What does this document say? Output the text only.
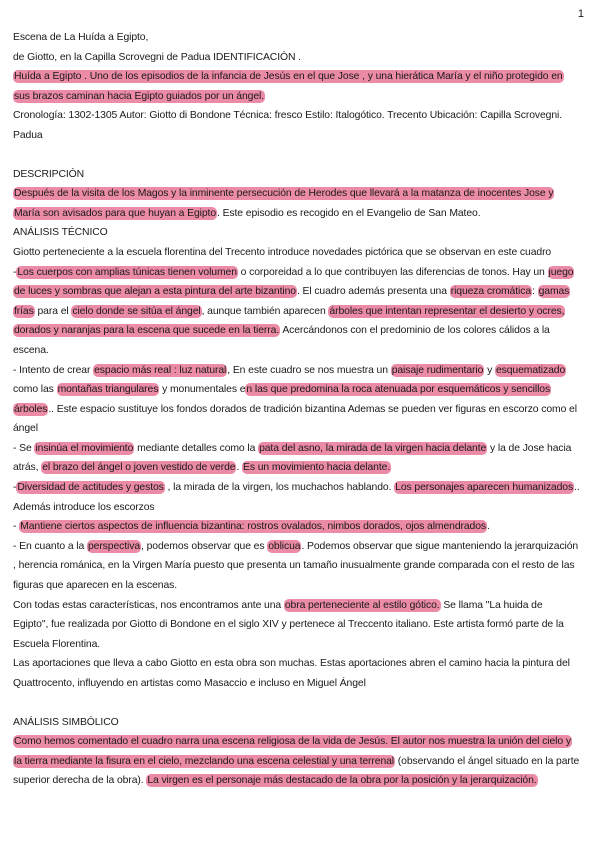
1

Escena de La Huída a Egipto,

de Giotto, en la Capilla Scrovegni de Padua IDENTIFICACIÓN .

Huída a Egipto . Uno de los episodios de la infancia de Jesús en el que Jose , y una hierática María y el niño protegido en sus brazos caminan hacia Egipto guiados por un ángel.

Cronología: 1302-1305 Autor: Giotto di Bondone Técnica: fresco Estilo: Italogótico. Trecento Ubicación: Capilla Scrovegni. Padua

DESCRIPCIÓN

Después de la visita de los Magos y la inminente persecución de Herodes que llevará a la matanza de inocentes Jose y María son avisados para que huyan a Egipto. Este episodio es recogido en el Evangelio de San Mateo.

ANÁLISIS TÉCNICO

Giotto perteneciente a la escuela florentina del Trecento introduce novedades pictórica que se observan en este cuadro

-Los cuerpos con amplias túnicas tienen volumen o corporeidad a lo que contribuyen las diferencias de tonos. Hay un juego de luces y sombras que alejan a esta pintura del arte bizantino. El cuadro además presenta una riqueza cromática: gamas frías para el cielo donde se sitúa el ángel, aunque también aparecen árboles que intentan representar el desierto y ocres, dorados y naranjas para la escena que sucede en la tierra. Acercándonos con el predominio de los colores cálidos a la escena.

- Intento de crear espacio más real : luz natural, En este cuadro se nos muestra un paisaje rudimentario y esquematizado como las montañas triangulares y monumentales en las que predomina la roca atenuada por esquemáticos y sencillos árboles.. Este espacio sustituye los fondos dorados de tradición bizantina Ademas se pueden ver figuras en escorzo como el ángel

- Se insinúa el movimiento mediante detalles como la pata del asno, la mirada de la virgen hacia delante y la de Jose hacia atrás, el brazo del ángel o joven vestido de verde. Es un movimiento hacia delante.

-Diversidad de actitudes y gestos , la mirada de la virgen, los muchachos hablando. Los personajes aparecen humanizados.. Además introduce los escorzos

- Mantiene ciertos aspectos de influencia bizantina: rostros ovalados, nimbos dorados, ojos almendrados.

- En cuanto a la perspectiva, podemos observar que es oblicua. Podemos observar que sigue manteniendo la jerarquización , herencia románica, en la Virgen María puesto que presenta un tamaño inusualmente grande comparada con el resto de las figuras que aparecen en la escenas.

Con todas estas características, nos encontramos ante una obra perteneciente al estilo gótico. Se llama "La huida de Egipto", fue realizada por Giotto di Bondone en el siglo XIV y pertenece al Treccento italiano. Este artista formó parte de la Escuela Florentina.

Las aportaciones que lleva a cabo Giotto en esta obra son muchas. Estas aportaciones abren el camino hacia la pintura del Quattrocento, influyendo en artistas como Masaccio e incluso en Miguel Ángel

ANÁLISIS SIMBÓLICO

Como hemos comentado el cuadro narra una escena religiosa de la vida de Jesús. El autor nos muestra la unión del cielo y la tierra mediante la fisura en el cielo, mezclando una escena celestial y una terrenal (observando el ángel situado en la parte superior derecha de la obra). La virgen es el personaje más destacado de la obra por la posición y la jerarquización.
